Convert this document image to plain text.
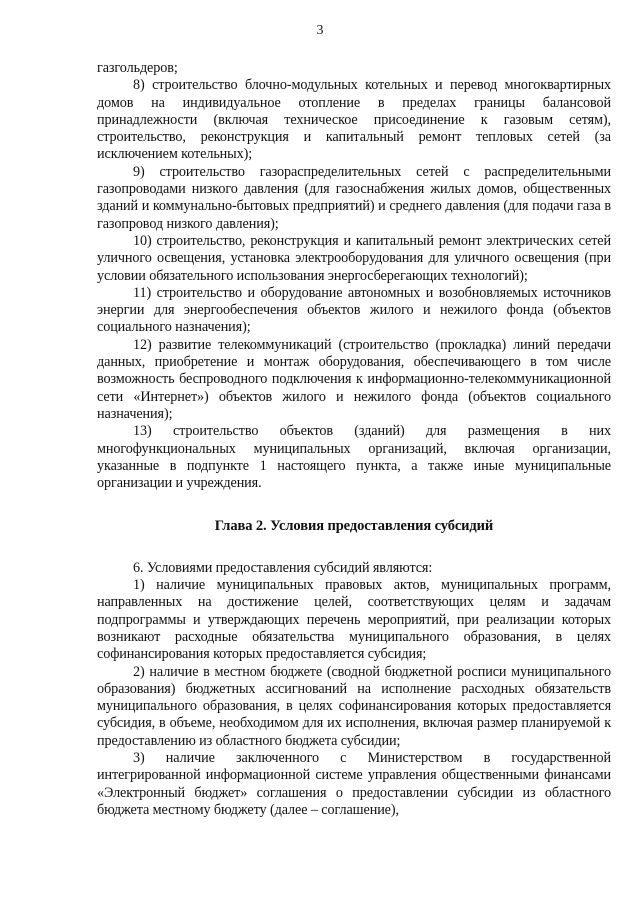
3

газгольдеров;

8) строительство блочно-модульных котельных и перевод многоквартирных домов на индивидуальное отопление в пределах границы балансовой принадлежности (включая техническое присоединение к газовым сетям), строительство, реконструкция и капитальный ремонт тепловых сетей (за исключением котельных);

9) строительство газораспределительных сетей с распределительными газопроводами низкого давления (для газоснабжения жилых домов, общественных зданий и коммунально-бытовых предприятий) и среднего давления (для подачи газа в газопровод низкого давления);

10) строительство, реконструкция и капитальный ремонт электрических сетей уличного освещения, установка электрооборудования для уличного освещения (при условии обязательного использования энергосберегающих технологий);

11) строительство и оборудование автономных и возобновляемых источников энергии для энергообеспечения объектов жилого и нежилого фонда (объектов социального назначения);

12) развитие телекоммуникаций (строительство (прокладка) линий передачи данных, приобретение и монтаж оборудования, обеспечивающего в том числе возможность беспроводного подключения к информационно-телекоммуникационной сети «Интернет») объектов жилого и нежилого фонда (объектов социального назначения);

13) строительство объектов (зданий) для размещения в них многофункциональных муниципальных организаций, включая организации, указанные в подпункте 1 настоящего пункта, а также иные муниципальные организации и учреждения.

Глава 2. Условия предоставления субсидий

6. Условиями предоставления субсидий являются:

1) наличие муниципальных правовых актов, муниципальных программ, направленных на достижение целей, соответствующих целям и задачам подпрограммы и утверждающих перечень мероприятий, при реализации которых возникают расходные обязательства муниципального образования, в целях софинансирования которых предоставляется субсидия;

2) наличие в местном бюджете (сводной бюджетной росписи муниципального образования) бюджетных ассигнований на исполнение расходных обязательств муниципального образования, в целях софинансирования которых предоставляется субсидия, в объеме, необходимом для их исполнения, включая размер планируемой к предоставлению из областного бюджета субсидии;

3) наличие заключенного с Министерством в государственной интегрированной информационной системе управления общественными финансами «Электронный бюджет» соглашения о предоставлении субсидии из областного бюджета местному бюджету (далее – соглашение),
